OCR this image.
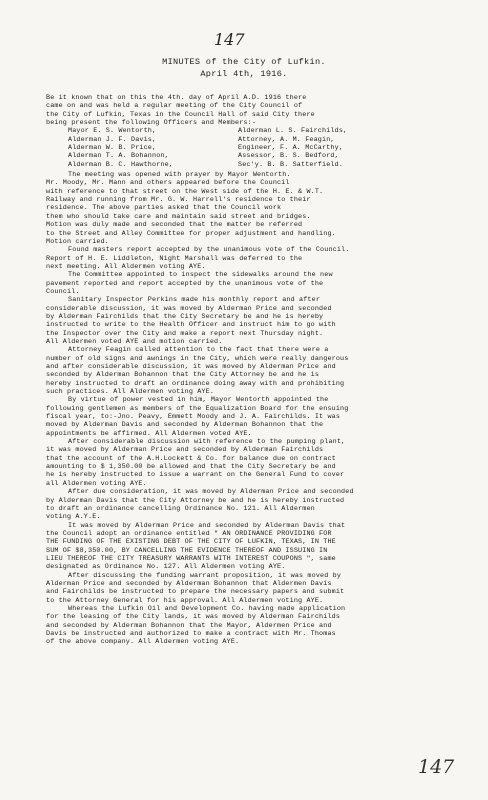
147
MINUTES of the City of Lufkin.
April 4th, 1916.
Be it known that on this the 4th. day of April A.D. 1916 there
came on and was held a regular meeting of the City Council of
the City of Lufkin, Texas in the Council Hall of said City there
being present the following Officers and Members:-
Mayor E. S. Wentorth,	Alderman L. S. Fairchilds,
Alderman J. F. Davis,	Attorney, A. M. Feagin,
Alderman W. B. Price,	Engineer, F. A. McCarthy,
Alderman T. A. Bohannon,	Assessor, B. S. Bedford,
Alderman B. C. Hawthorne,	Sec'y. B. B. Satterfield.
The meeting was opened with prayer by Mayor Wentorth.
Mr. Moody, Mr. Mann and others appeared before the Council
with reference to that street on the West side of the H. E. & W.T.
Railway and running from Mr. G. W. Harrell's residence to their
residence. The above parties asked that the Council work
them who should take care and maintain said street and bridges.
Motion was duly made and seconded that the matter be referred
to the Street and Alley Committee for proper adjustment and handling.
Motion carried.
Found masters report accepted by the unanimous vote of the Council.
Report of H. E. Liddleton, Night Marshall was deferred to the
next meeting. All Aldermen voting AYE.
The Committee appointed to inspect the sidewalks around the new
pavement reported and report accepted by the unanimous vote of the
Council.
Sanitary Inspector Perkins made his monthly report and after
considerable discussion, it was moved by Alderman Price and seconded
by Alderman Fairchilds that the City Secretary be and he is hereby
instructed to write to the Health Officer and instruct him to go with
the Inspector over the City and make a report next Thursday night.
All Aldermen voted AYE and motion carried.
Attorney Feagin called attention to the fact that there were a
number of old signs and awnings in the City, which were really dangerous
and after considerable discussion, it was moved by Alderman Price and
seconded by Alderman Bohannon that the City Attorney be and he is
hereby instructed to draft an ordinance doing away with and prohibiting
such practices. All Aldermen voting AYE.
By virtue of power vested in him, Mayor Wentorth appointed the
following gentlemen as members of the Equalization Board for the ensuing
fiscal year, to:-Jno. Peavy, Emmett Moody and J. A. Fairchilds. It was
moved by Alderman Davis and seconded by Alderman Bohannon that the
appointments be affirmed. All Aldermen voted AYE.
After considerable discussion with reference to the pumping plant,
it was moved by Alderman Price and seconded by Alderman Fairchilds
that the account of the A.H.Lockett & Co. for balance due on contract
amounting to $ 1,350.00 be allowed and that the City Secretary be and
he is hereby instructed to issue a warrant on the General Fund to cover
all Aldermen voting AYE.
After due consideration, it was moved by Alderman Price and seconded
by Alderman Davis that the City Attorney be and he is hereby instructed
to draft an ordinance cancelling Ordinance No. 121. All Aldermen
voting A.Y.E.
It was moved by Alderman Price and seconded by Alderman Davis that
the Council adopt an ordinance entitled " AN ORDINANCE PROVIDING FOR
THE FUNDING OF THE EXISTING DEBT OF THE CITY OF LUFKIN, TEXAS, IN THE
SUM OF $8,350.00, BY CANCELLING THE EVIDENCE THEREOF AND ISSUING IN
LIEU THEREOF THE CITY TREASURY WARRANTS WITH INTEREST COUPONS ", same
designated as Ordinance No. 127. All Aldermen voting AYE.
After discussing the funding warrant proposition, it was moved by
Alderman Price and seconded by Alderman Bohannon that Aldermen Davis
and Fairchilds be instructed to prepare the necessary papers and submit
to the Attorney General for his approval. All Aldermen voting AYE.
Whereas the Lufkin Oil and Development Co. having made application
for the leasing of the City lands, it was moved by Alderman Fairchilds
and seconded by Alderman Bohannon that the Mayor, Aldermen Price and
Davis be instructed and authorized to make a contract with Mr. Thomas
of the above company. All Aldermen voting AYE.
147
